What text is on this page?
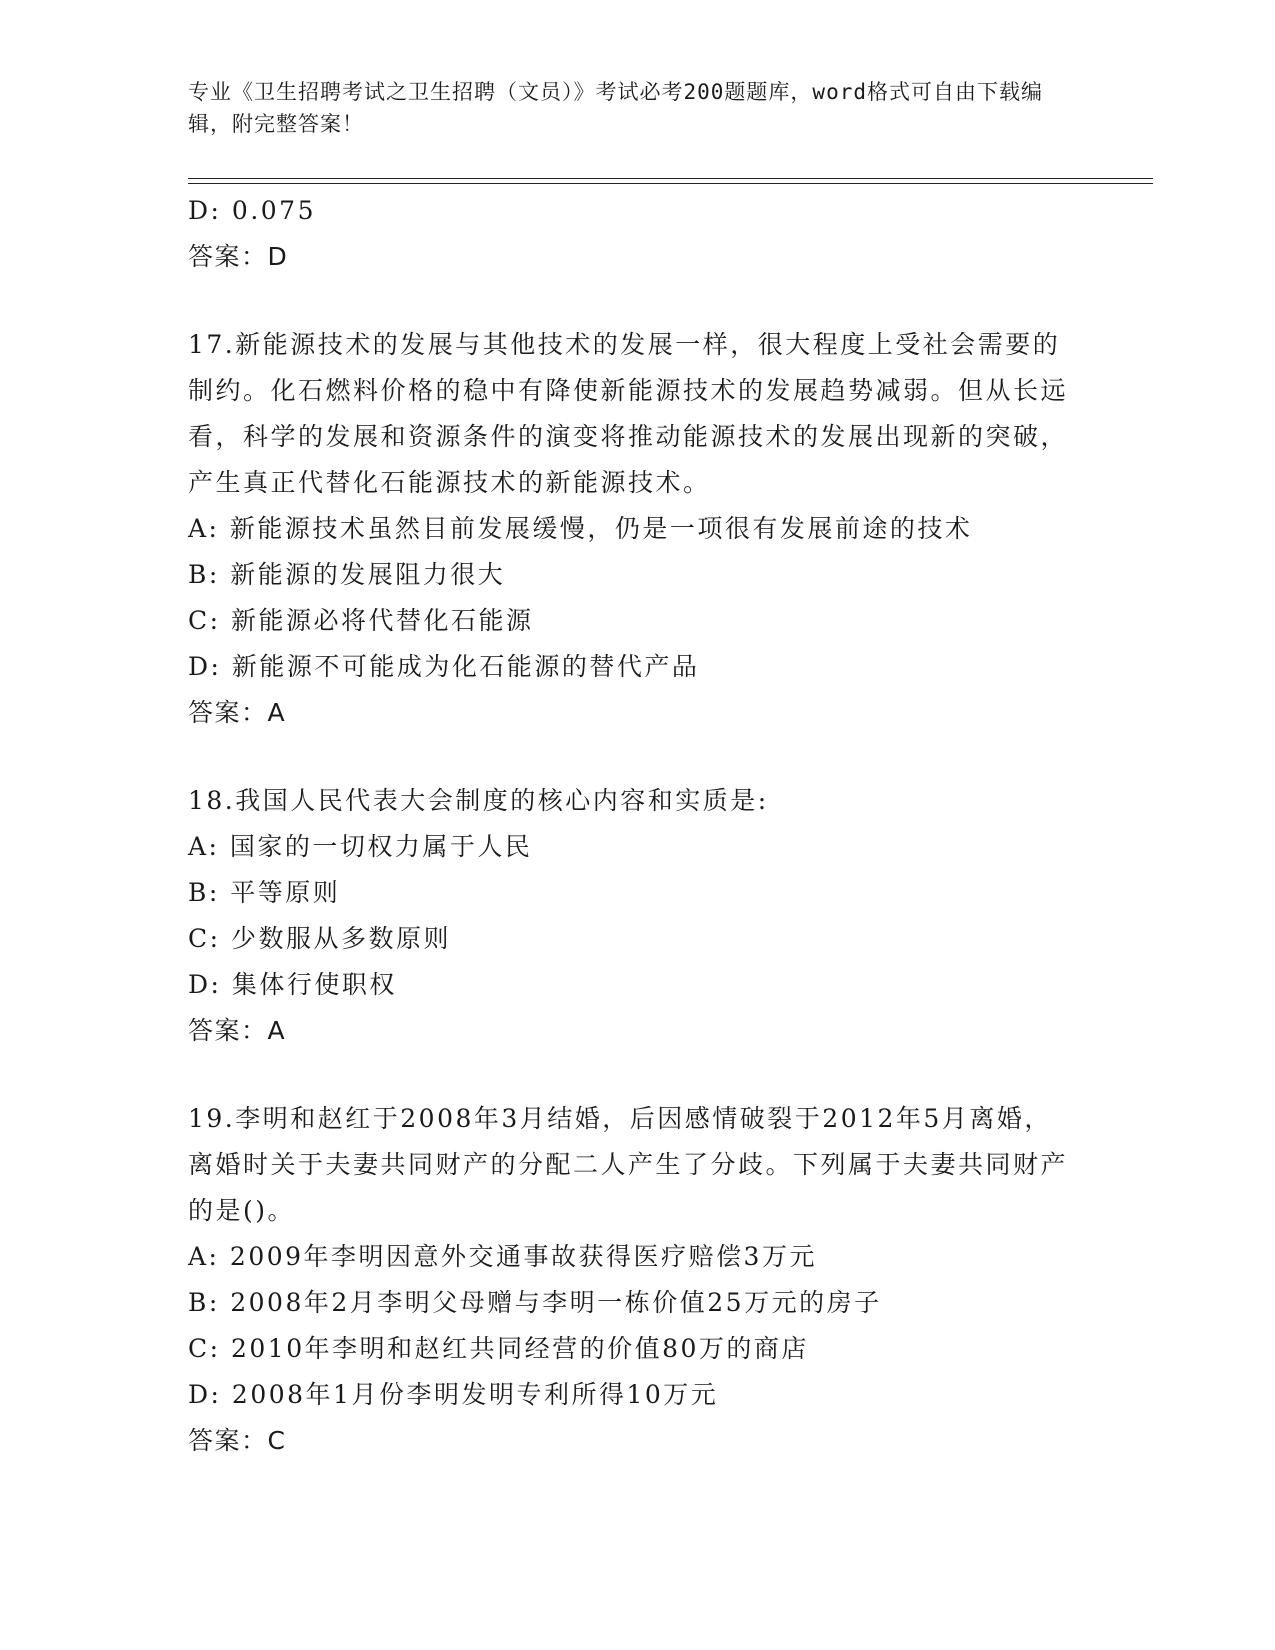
专业《卫生招聘考试之卫生招聘（文员）》考试必考200题题库，word格式可自由下载编辑，附完整答案！
D: 0.075
答案：D
17.新能源技术的发展与其他技术的发展一样，很大程度上受社会需要的制约。化石燃料价格的稳中有降使新能源技术的发展趋势减弱。但从长远看，科学的发展和资源条件的演变将推动能源技术的发展出现新的突破，产生真正代替化石能源技术的新能源技术。
A: 新能源技术虽然目前发展缓慢，仍是一项很有发展前途的技术
B: 新能源的发展阻力很大
C: 新能源必将代替化石能源
D: 新能源不可能成为化石能源的替代产品
答案：A
18.我国人民代表大会制度的核心内容和实质是:
A: 国家的一切权力属于人民
B: 平等原则
C: 少数服从多数原则
D: 集体行使职权
答案：A
19.李明和赵红于2008年3月结婚，后因感情破裂于2012年5月离婚，离婚时关于夫妻共同财产的分配二人产生了分歧。下列属于夫妻共同财产的是()。
A: 2009年李明因意外交通事故获得医疗赔偿3万元
B: 2008年2月李明父母赠与李明一栋价值25万元的房子
C: 2010年李明和赵红共同经营的价值80万的商店
D: 2008年1月份李明发明专利所得10万元
答案：C
